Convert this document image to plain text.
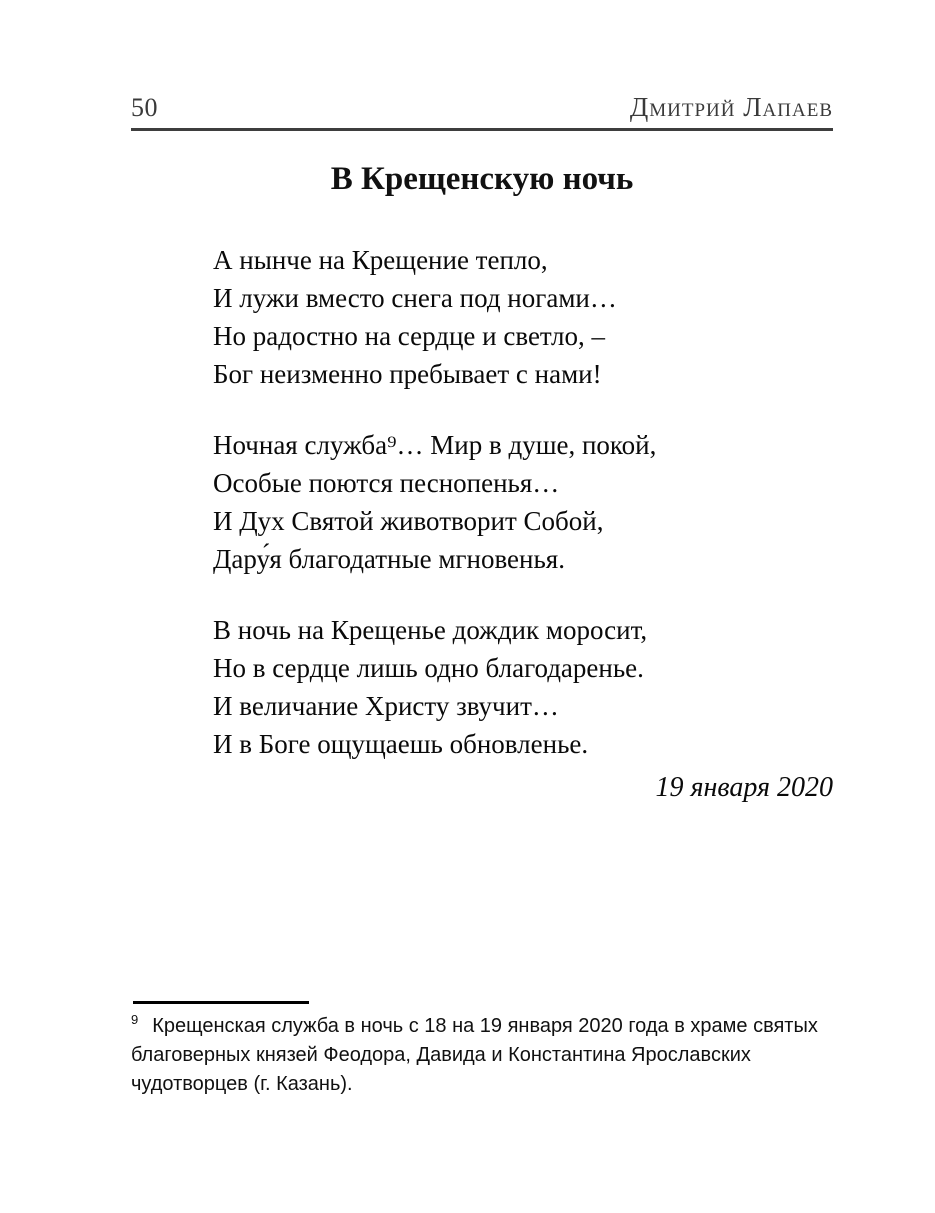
50	Дмитрий Лапаев
В Крещенскую ночь

А нынче на Крещение тепло,
И лужи вместо снега под ногами…
Но радостно на сердце и светло, –
Бог неизменно пребывает с нами!

Ночная служба⁹… Мир в душе, покой,
Особые поются песнопенья…
И Дух Святой животворит Собой,
Дару́я благодатные мгновенья.

В ночь на Крещенье дождик моросит,
Но в сердце лишь одно благодаренье.
И величание Христу звучит…
И в Боге ощущаешь обновленье.

19 января 2020
$^9$ Крещенская служба в ночь с 18 на 19 января 2020 года в храме святых
благоверных князей Феодора, Давида и Константина Ярославских
чудотворцев (г. Казань).
